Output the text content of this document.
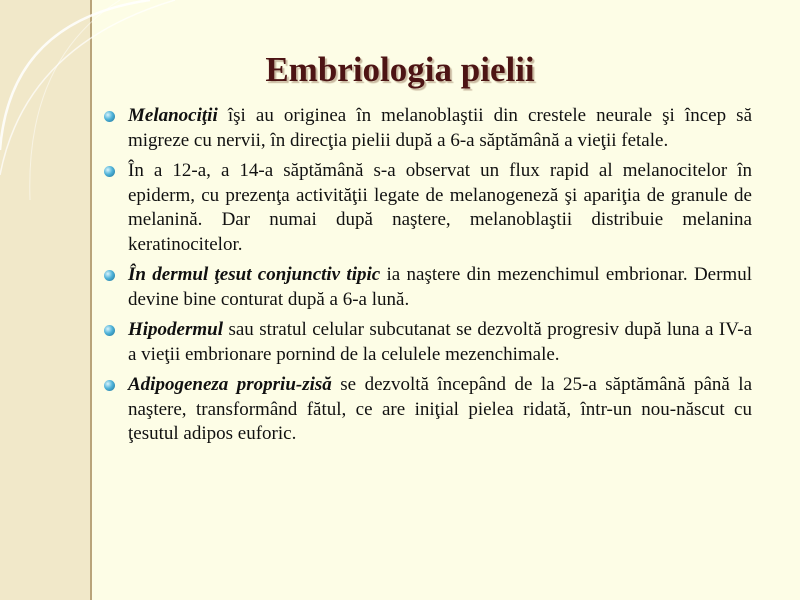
Embriologia pielii
Melanociţii îşi au originea în melanoblaştii din crestele neurale şi încep să migreze cu nervii, în direcţia pielii după a 6-a săptămână a vieţii fetale.
În a 12-a, a 14-a săptămână s-a observat un flux rapid al melanocitelor în epiderm, cu prezenţa activităţii legate de melanogeneză şi apariţia de granule de melanină. Dar numai după naştere, melanoblaştii distribuie melanina keratinocitelor.
În dermul ţesut conjunctiv tipic ia naştere din mezenchimul embrionar. Dermul devine bine conturat după a 6-a lună.
Hipodermul sau stratul celular subcutanat se dezvoltă progresiv după luna a IV-a a vieţii embrionare pornind de la celulele mezenchimale.
Adipogeneza propriu-zisă se dezvoltă începând de la 25-a săptămână până la naştere, transformând fătul, ce are iniţial pielea ridată, într-un nou-născut cu ţesutul adipos euforic.
